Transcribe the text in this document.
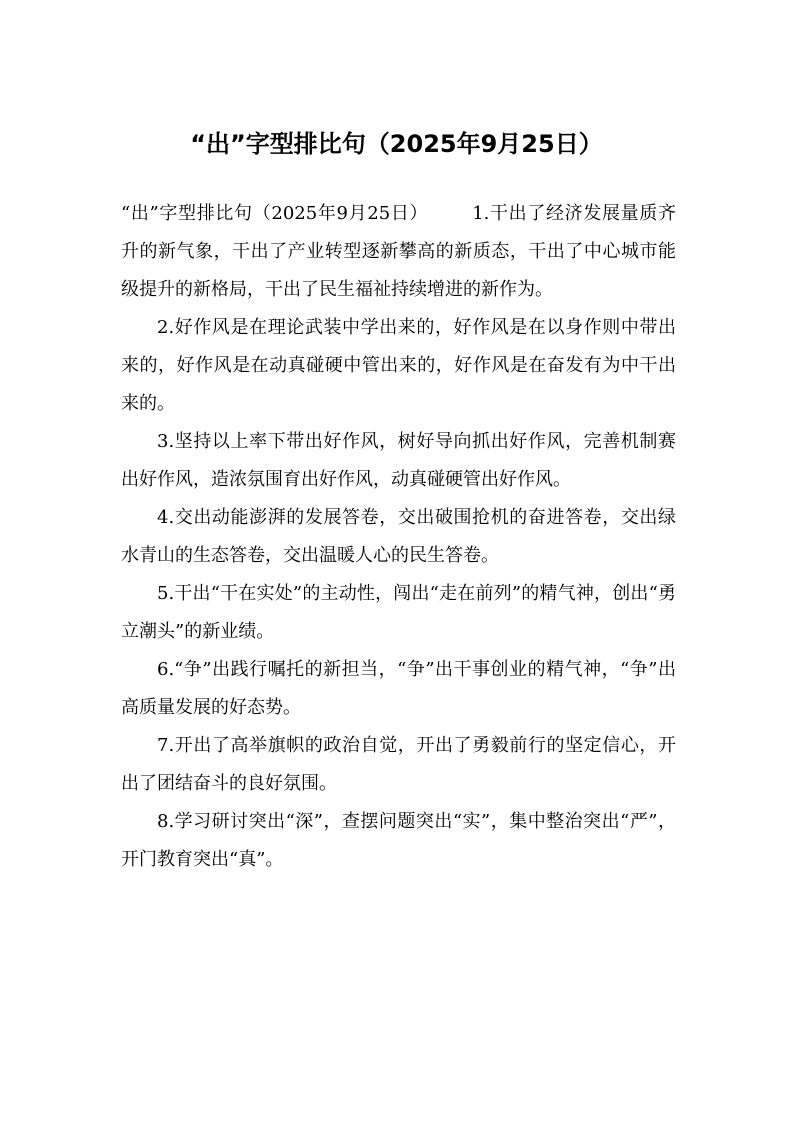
“出”字型排比句（2025年9月25日）

“出”字型排比句（2025年9月25日） 1.干出了经济发展量质齐升的新气象，干出了产业转型逐新攀高的新质态，干出了中心城市能级提升的新格局，干出了民生福祉持续增进的新作为。

2.好作风是在理论武装中学出来的，好作风是在以身作则中带出来的，好作风是在动真碰硬中管出来的，好作风是在奋发有为中干出来的。

3.坚持以上率下带出好作风，树好导向抓出好作风，完善机制赛出好作风，造浓氛围育出好作风，动真碰硬管出好作风。

4.交出动能澎湃的发展答卷，交出破围抢机的奋进答卷，交出绿水青山的生态答卷，交出温暖人心的民生答卷。

5.干出“干在实处”的主动性，闯出“走在前列”的精气神，创出“勇立潮头”的新业绩。

6.“争”出践行嘱托的新担当，“争”出干事创业的精气神，“争”出高质量发展的好态势。

7.开出了高举旗帜的政治自觉，开出了勇毅前行的坚定信心，开出了团结奋斗的良好氛围。

8.学习研讨突出“深”，查摆问题突出“实”，集中整治突出“严”，开门教育突出“真”。
